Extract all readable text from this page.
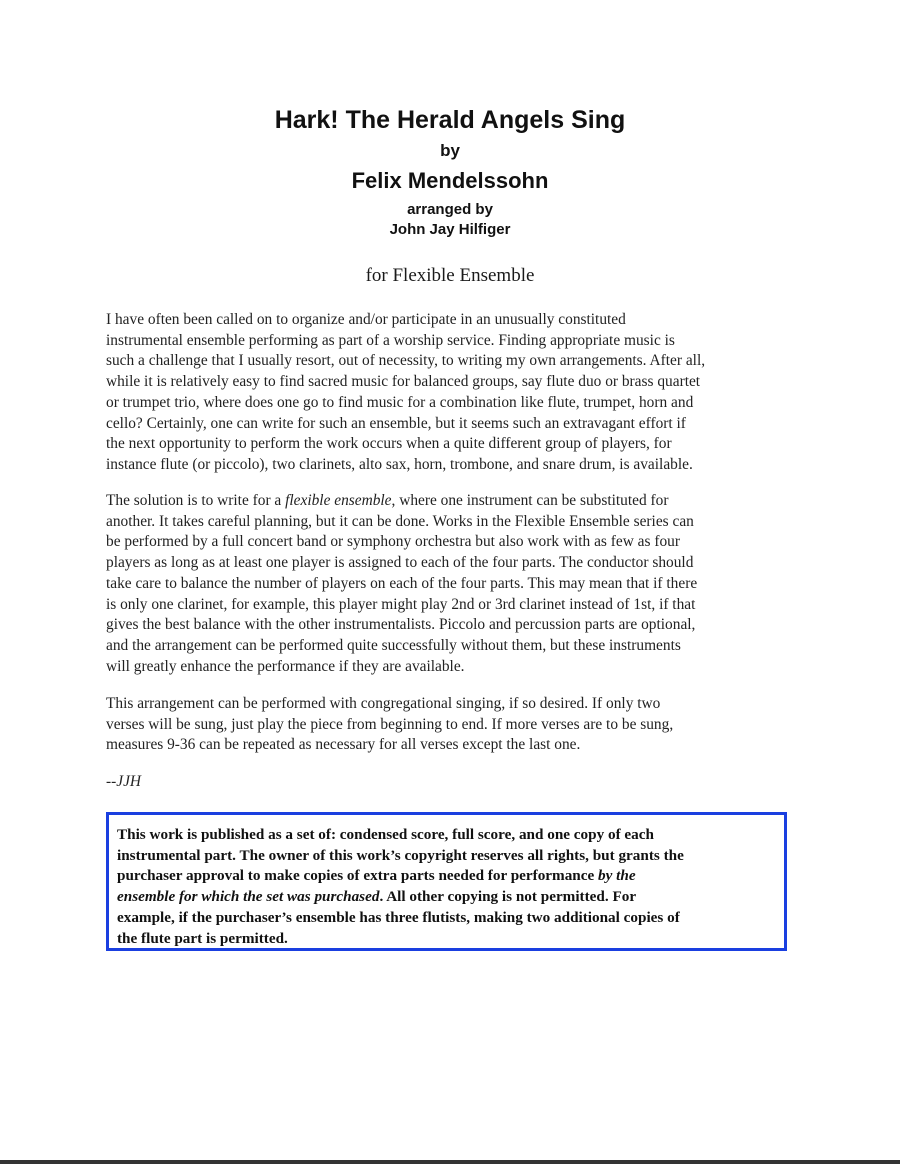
Hark! The Herald Angels Sing
by
Felix Mendelssohn
arranged by
John Jay Hilfiger
for Flexible Ensemble
I have often been called on to organize and/or participate in an unusually constituted
instrumental ensemble performing as part of a worship service. Finding appropriate music is
such a challenge that I usually resort, out of necessity, to writing my own arrangements. After all,
while it is relatively easy to find sacred music for balanced groups, say flute duo or brass quartet
or trumpet trio, where does one go to find music for a combination like flute, trumpet, horn and
cello? Certainly, one can write for such an ensemble, but it seems such an extravagant effort if
the next opportunity to perform the work occurs when a quite different group of players, for
instance flute (or piccolo), two clarinets, alto sax, horn, trombone, and snare drum, is available.
The solution is to write for a flexible ensemble, where one instrument can be substituted for
another. It takes careful planning, but it can be done. Works in the Flexible Ensemble series can
be performed by a full concert band or symphony orchestra but also work with as few as four
players as long as at least one player is assigned to each of the four parts. The conductor should
take care to balance the number of players on each of the four parts. This may mean that if there
is only one clarinet, for example, this player might play 2nd or 3rd clarinet instead of 1st, if that
gives the best balance with the other instrumentalists. Piccolo and percussion parts are optional,
and the arrangement can be performed quite successfully without them, but these instruments
will greatly enhance the performance if they are available.
This arrangement can be performed with congregational singing, if so desired. If only two
verses will be sung, just play the piece from beginning to end. If more verses are to be sung,
measures 9-36 can be repeated as necessary for all verses except the last one.
--JJH
This work is published as a set of: condensed score, full score, and one copy of each
instrumental part. The owner of this work’s copyright reserves all rights, but grants the
purchaser approval to make copies of extra parts needed for performance by the
ensemble for which the set was purchased. All other copying is not permitted. For
example, if the purchaser’s ensemble has three flutists, making two additional copies of
the flute part is permitted.
